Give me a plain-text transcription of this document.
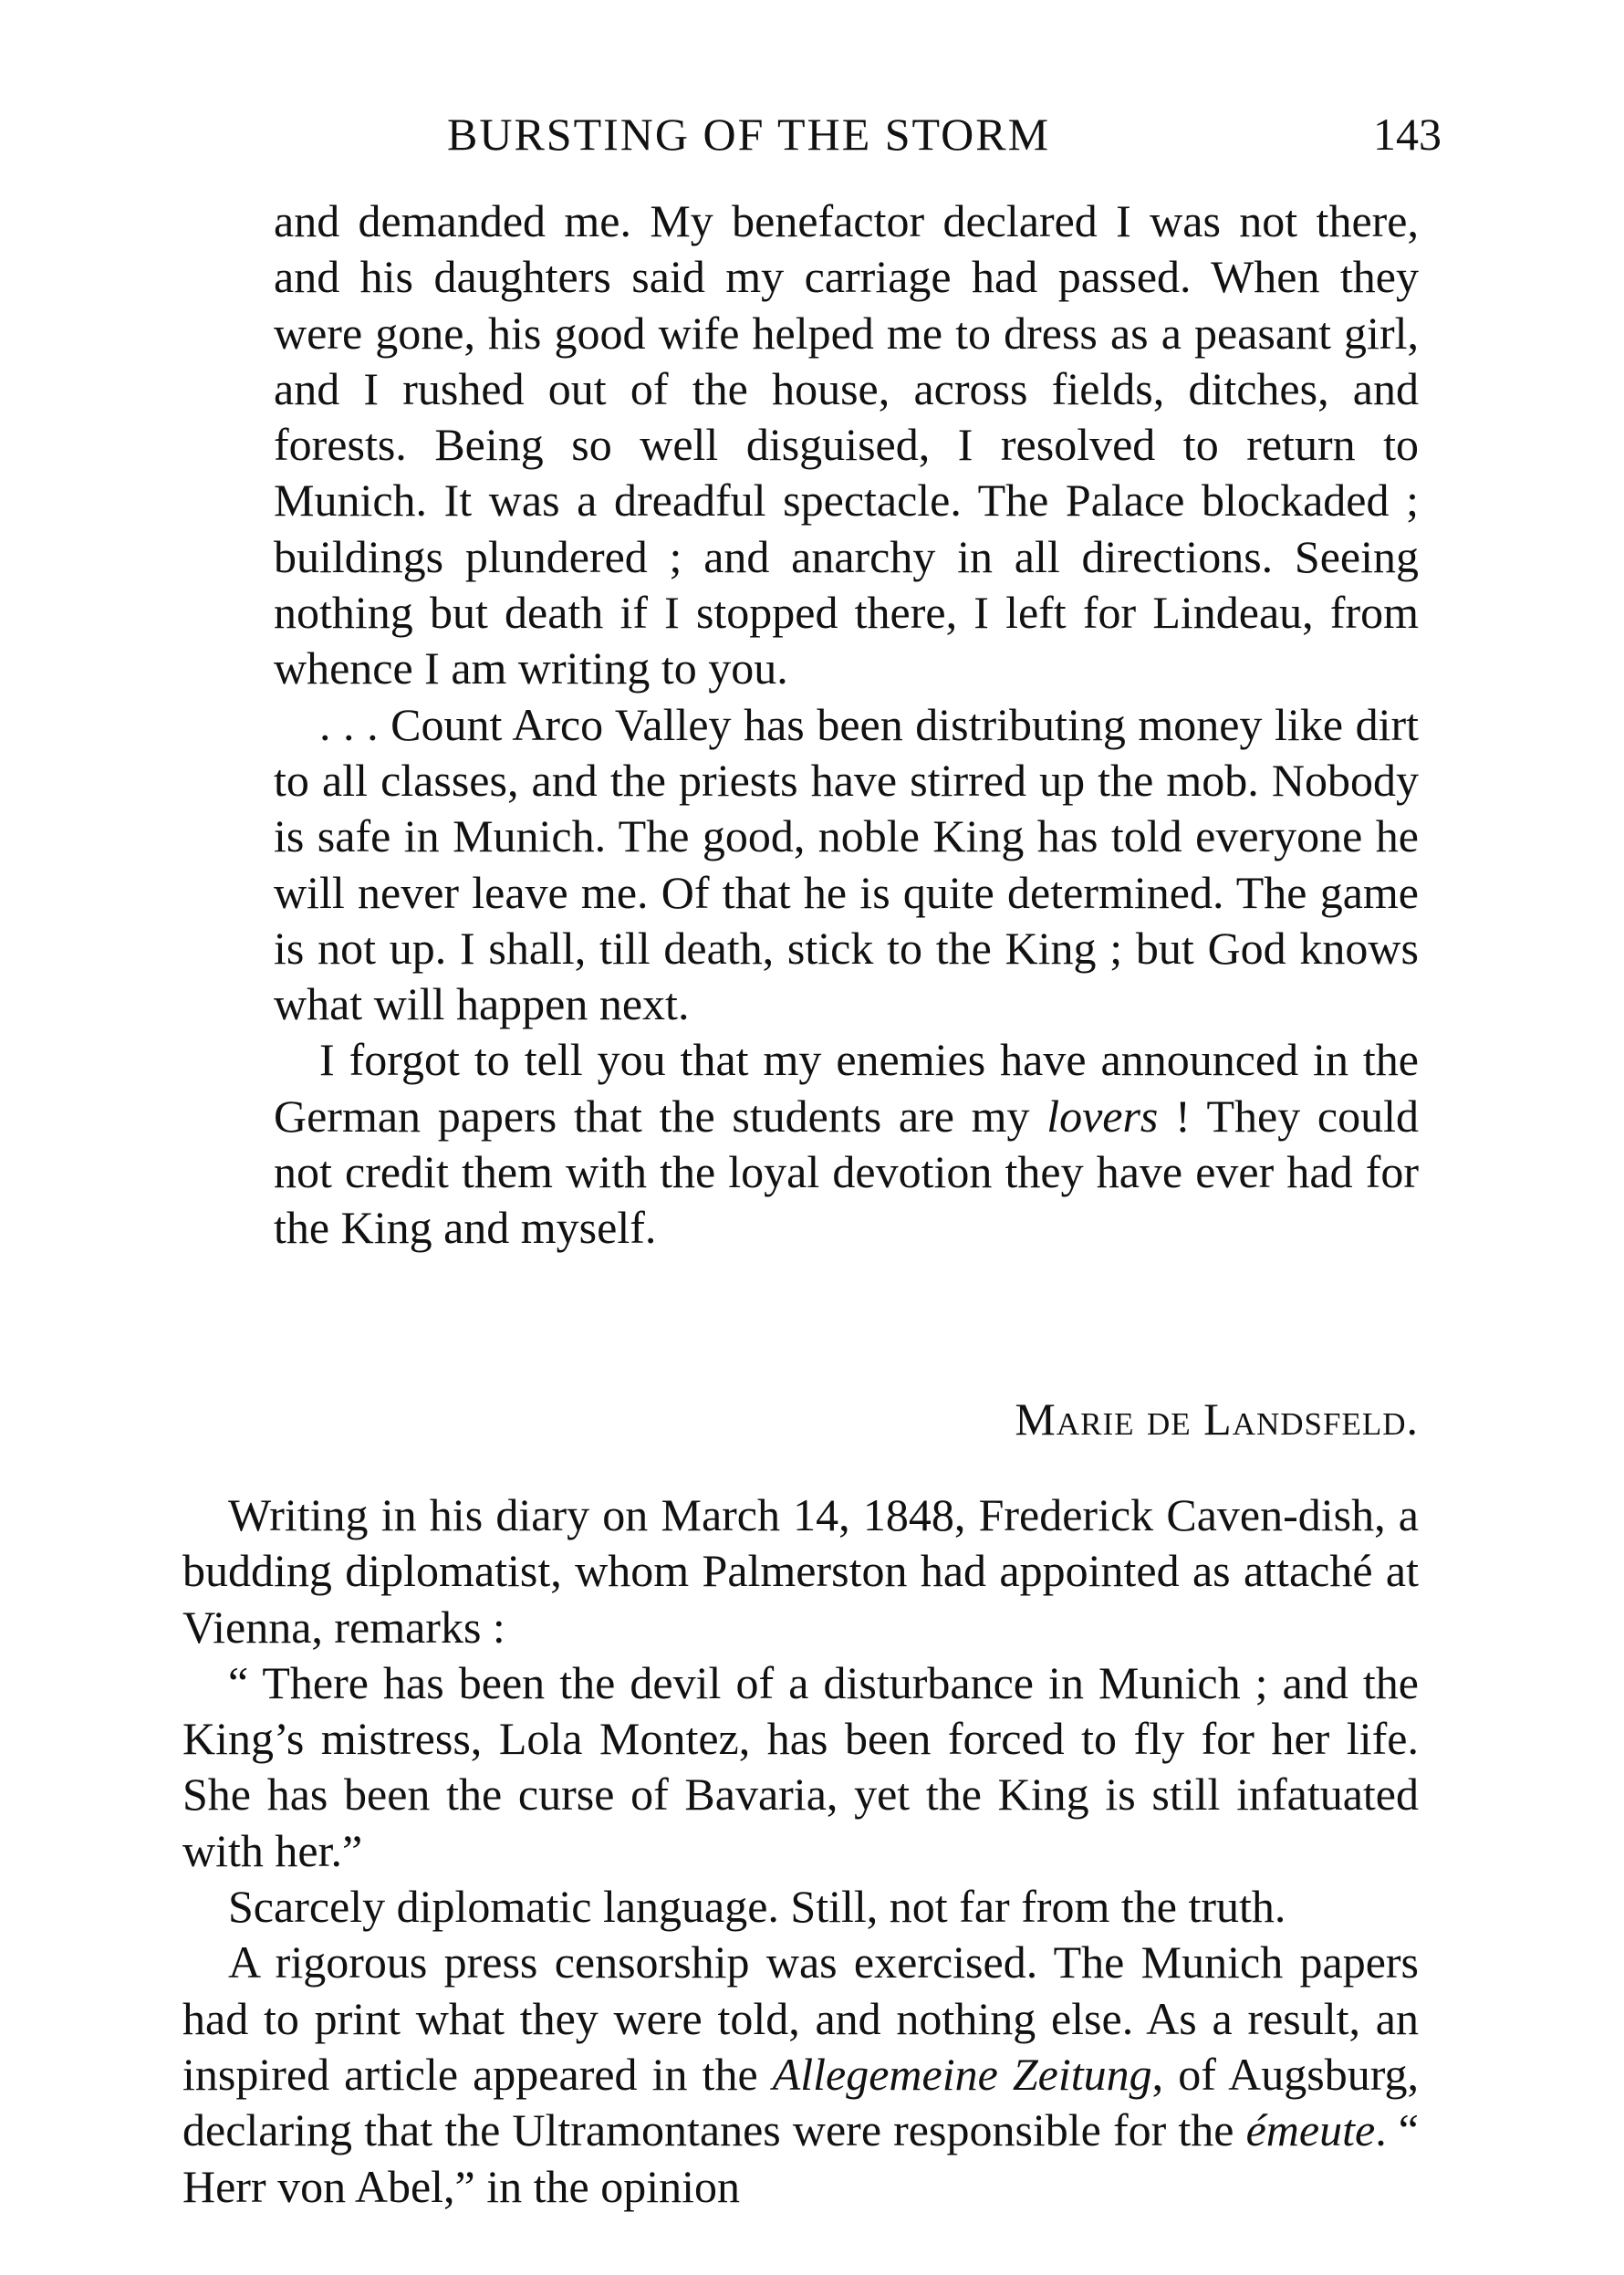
BURSTING OF THE STORM	143

and demanded me. My benefactor declared I was not there, and his daughters said my carriage had passed. When they were gone, his good wife helped me to dress as a peasant girl, and I rushed out of the house, across fields, ditches, and forests. Being so well disguised, I resolved to return to Munich. It was a dreadful spectacle. The Palace blockaded ; buildings plundered ; and anarchy in all directions. Seeing nothing but death if I stopped there, I left for Lindeau, from whence I am writing to you.

. . . Count Arco Valley has been distributing money like dirt to all classes, and the priests have stirred up the mob. Nobody is safe in Munich. The good, noble King has told everyone he will never leave me. Of that he is quite determined. The game is not up. I shall, till death, stick to the King ; but God knows what will happen next.

I forgot to tell you that my enemies have announced in the German papers that the students are my lovers ! They could not credit them with the loyal devotion they have ever had for the King and myself.

Marie de Landsfeld.

Writing in his diary on March 14, 1848, Frederick Caven-dish, a budding diplomatist, whom Palmerston had appointed as attaché at Vienna, remarks :

“ There has been the devil of a disturbance in Munich ; and the King’s mistress, Lola Montez, has been forced to fly for her life. She has been the curse of Bavaria, yet the King is still infatuated with her.”

Scarcely diplomatic language. Still, not far from the truth.

A rigorous press censorship was exercised. The Munich papers had to print what they were told, and nothing else. As a result, an inspired article appeared in the Allegemeine Zeitung, of Augsburg, declaring that the Ultramontanes were responsible for the émeute. “ Herr von Abel,” in the opinion
